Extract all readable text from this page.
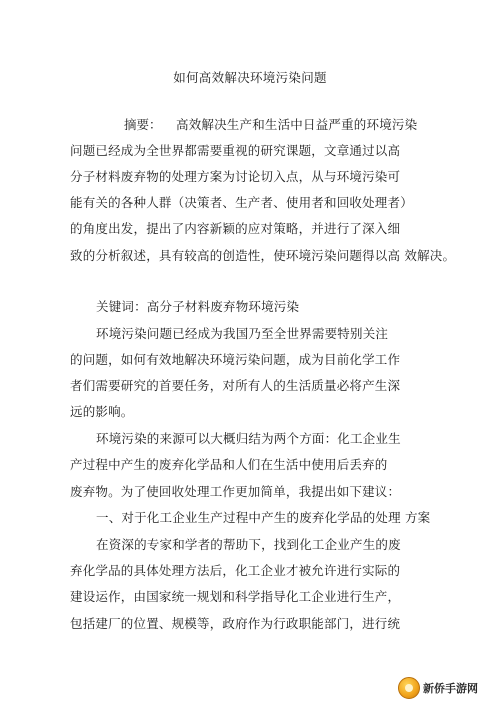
如何高效解决环境污染问题
摘要： 高效解决生产和生活中日益严重的环境污染
问题已经成为全世界都需要重视的研究课题，文章通过以高
分子材料废弃物的处理方案为讨论切入点，从与环境污染可
能有关的各种人群（决策者、生产者、使用者和回收处理者）
的角度出发，提出了内容新颖的应对策略，并进行了深入细
致的分析叙述，具有较高的创造性，使环境污染问题得以高 效解决。
关键词：高分子材料废弃物环境污染
环境污染问题已经成为我国乃至全世界需要特别关注
的问题，如何有效地解决环境污染问题，成为目前化学工作
者们需要研究的首要任务，对所有人的生活质量必将产生深
远的影响。
环境污染的来源可以大概归结为两个方面：化工企业生
产过程中产生的废弃化学品和人们在生活中使用后丢弃的
废弃物。为了使回收处理工作更加简单，我提出如下建议：
一、对于化工企业生产过程中产生的废弃化学品的处理 方案
在资深的专家和学者的帮助下，找到化工企业产生的废
弃化学品的具体处理方法后，化工企业才被允许进行实际的
建设运作，由国家统一规划和科学指导化工企业进行生产，
包括建厂的位置、规模等，政府作为行政职能部门，进行统
新侨手游网
